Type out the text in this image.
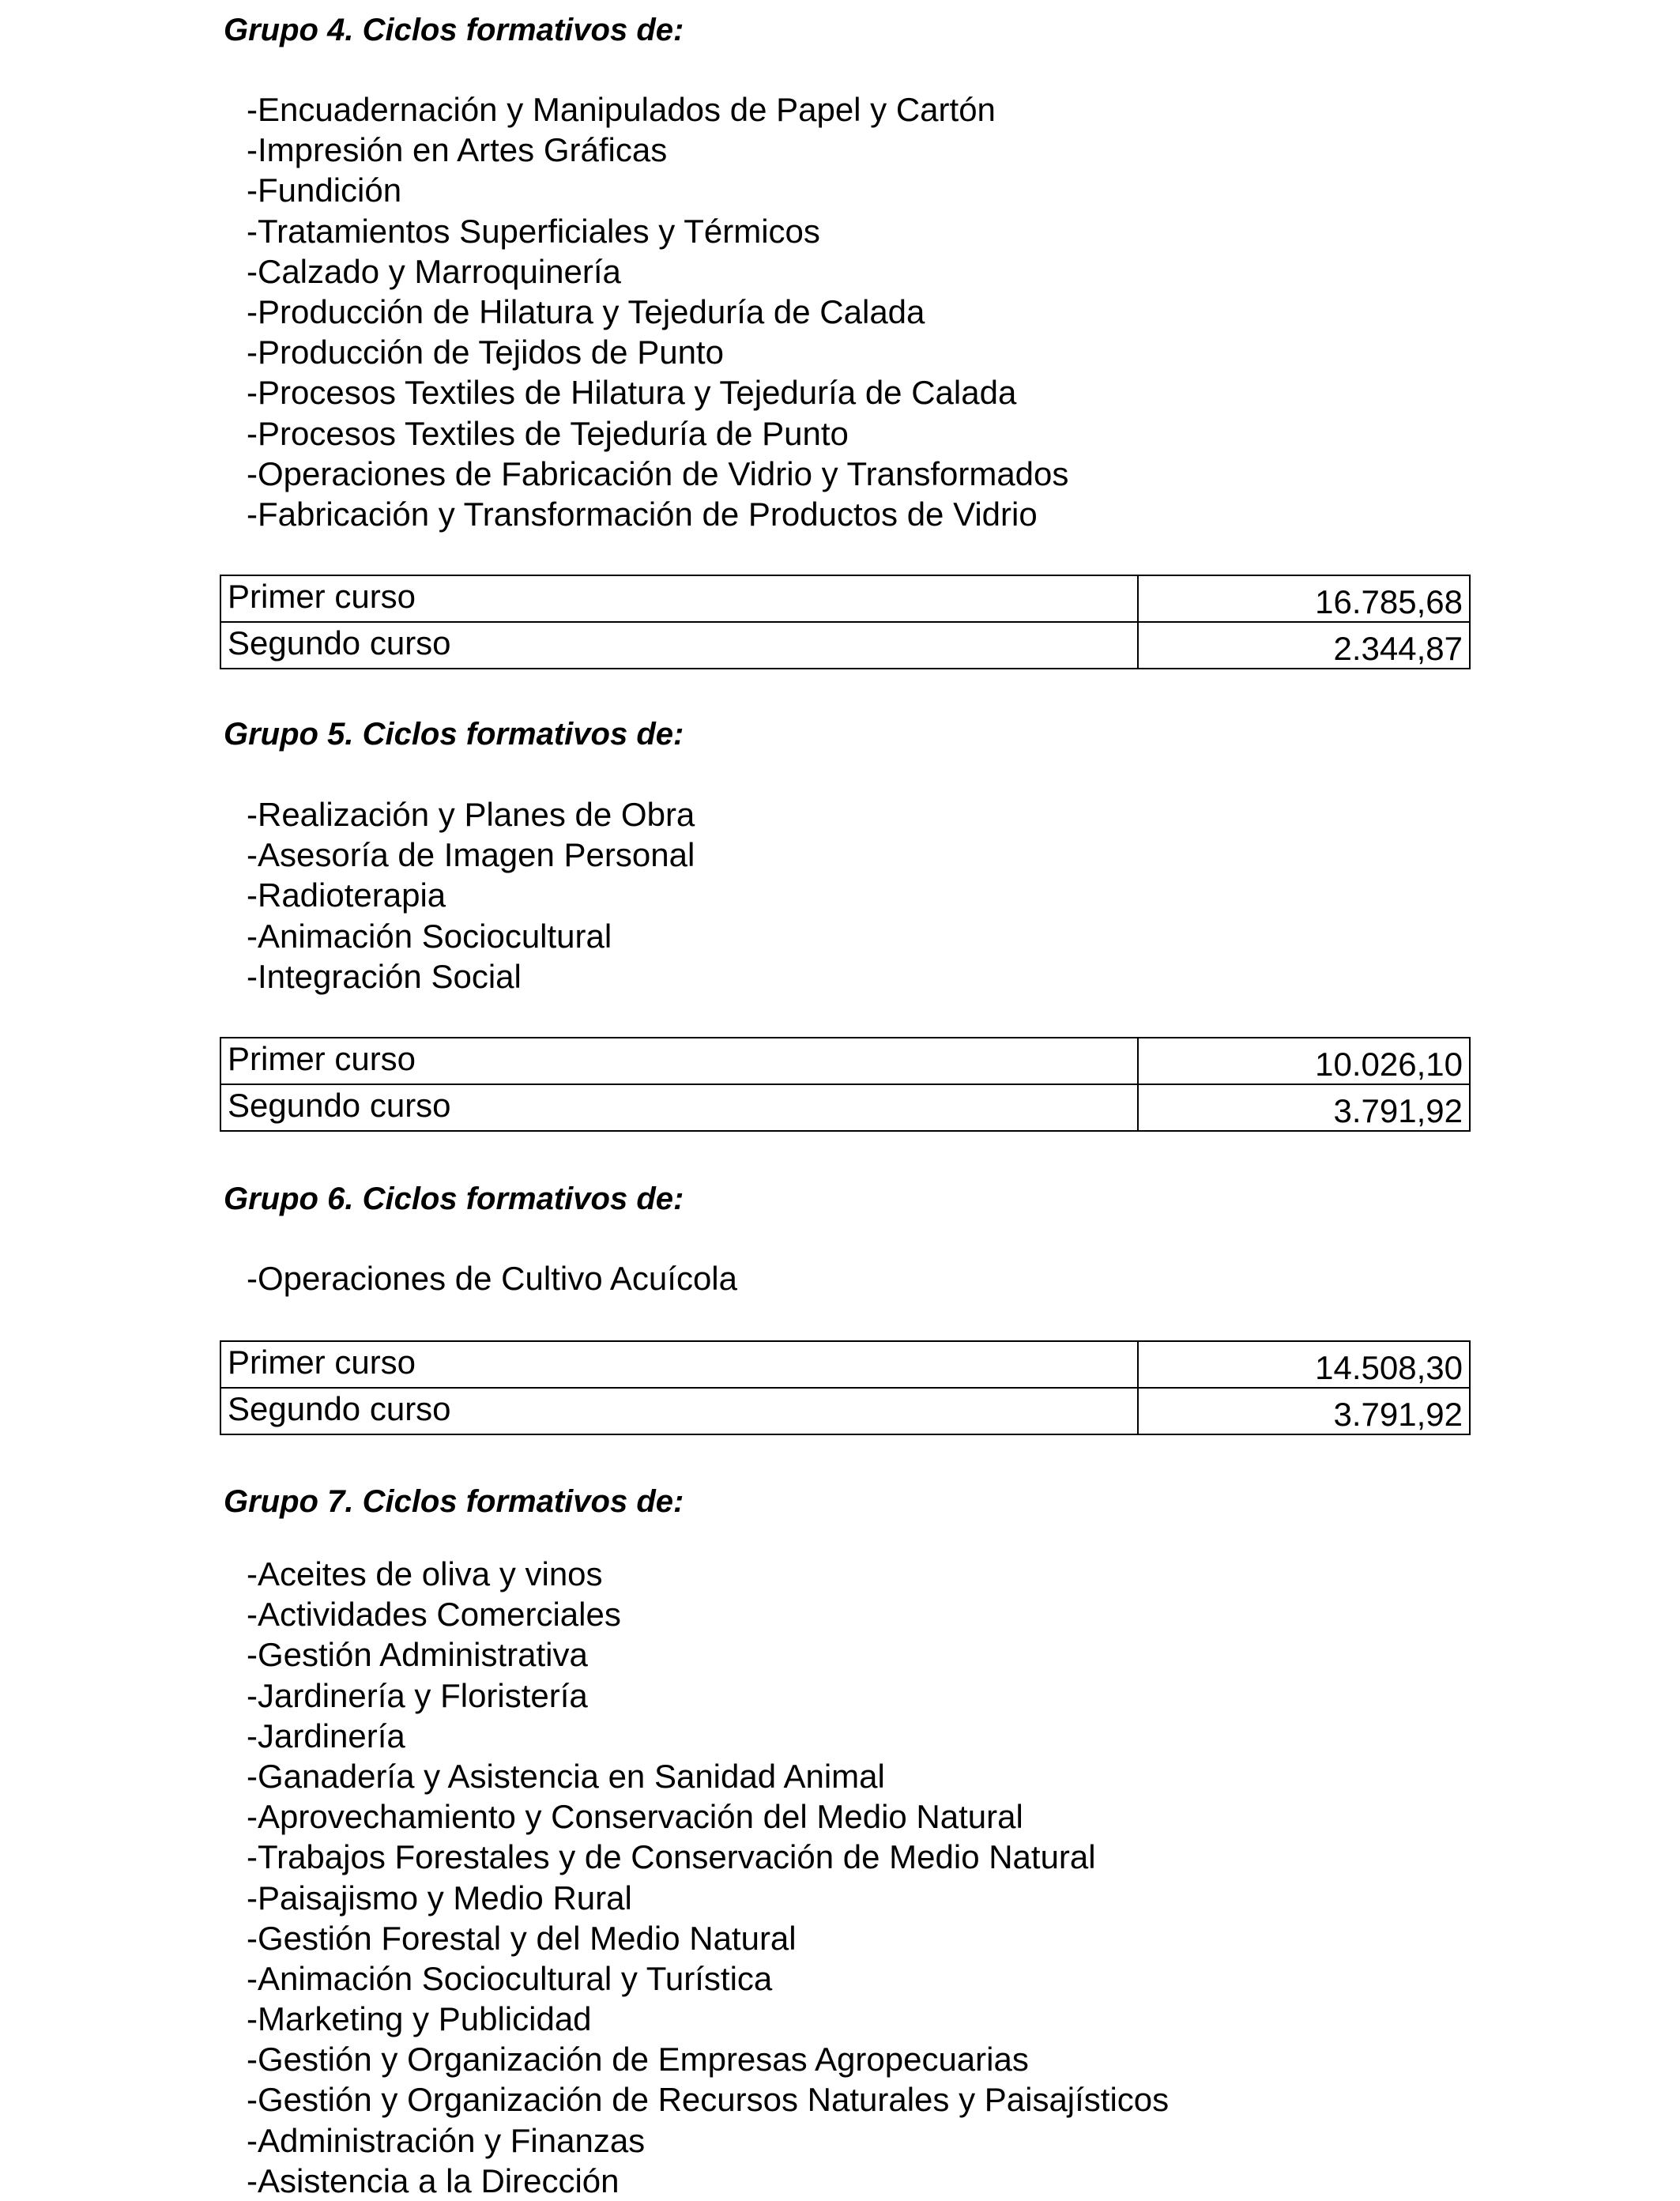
Grupo 4. Ciclos formativos de:
-Encuadernación y Manipulados de Papel y Cartón
-Impresión en Artes Gráficas
-Fundición
-Tratamientos Superficiales y Térmicos
-Calzado y Marroquinería
-Producción de Hilatura y Tejeduría de Calada
-Producción de Tejidos de Punto
-Procesos Textiles de Hilatura y Tejeduría de Calada
-Procesos Textiles de Tejeduría de Punto
-Operaciones de Fabricación de Vidrio y Transformados
-Fabricación y Transformación de Productos de Vidrio
Primer curso	16.785,68
Segundo curso	2.344,87
Grupo 5. Ciclos formativos de:
-Realización y Planes de Obra
-Asesoría de Imagen Personal
-Radioterapia
-Animación Sociocultural
-Integración Social
Primer curso	10.026,10
Segundo curso	3.791,92
Grupo 6. Ciclos formativos de:
-Operaciones de Cultivo Acuícola
Primer curso	14.508,30
Segundo curso	3.791,92
Grupo 7. Ciclos formativos de:
-Aceites de oliva y vinos
-Actividades Comerciales
-Gestión Administrativa
-Jardinería y Floristería
-Jardinería
-Ganadería y Asistencia en Sanidad Animal
-Aprovechamiento y Conservación del Medio Natural
-Trabajos Forestales y de Conservación de Medio Natural
-Paisajismo y Medio Rural
-Gestión Forestal y del Medio Natural
-Animación Sociocultural y Turística
-Marketing y Publicidad
-Gestión y Organización de Empresas Agropecuarias
-Gestión y Organización de Recursos Naturales y Paisajísticos
-Administración y Finanzas
-Asistencia a la Dirección
